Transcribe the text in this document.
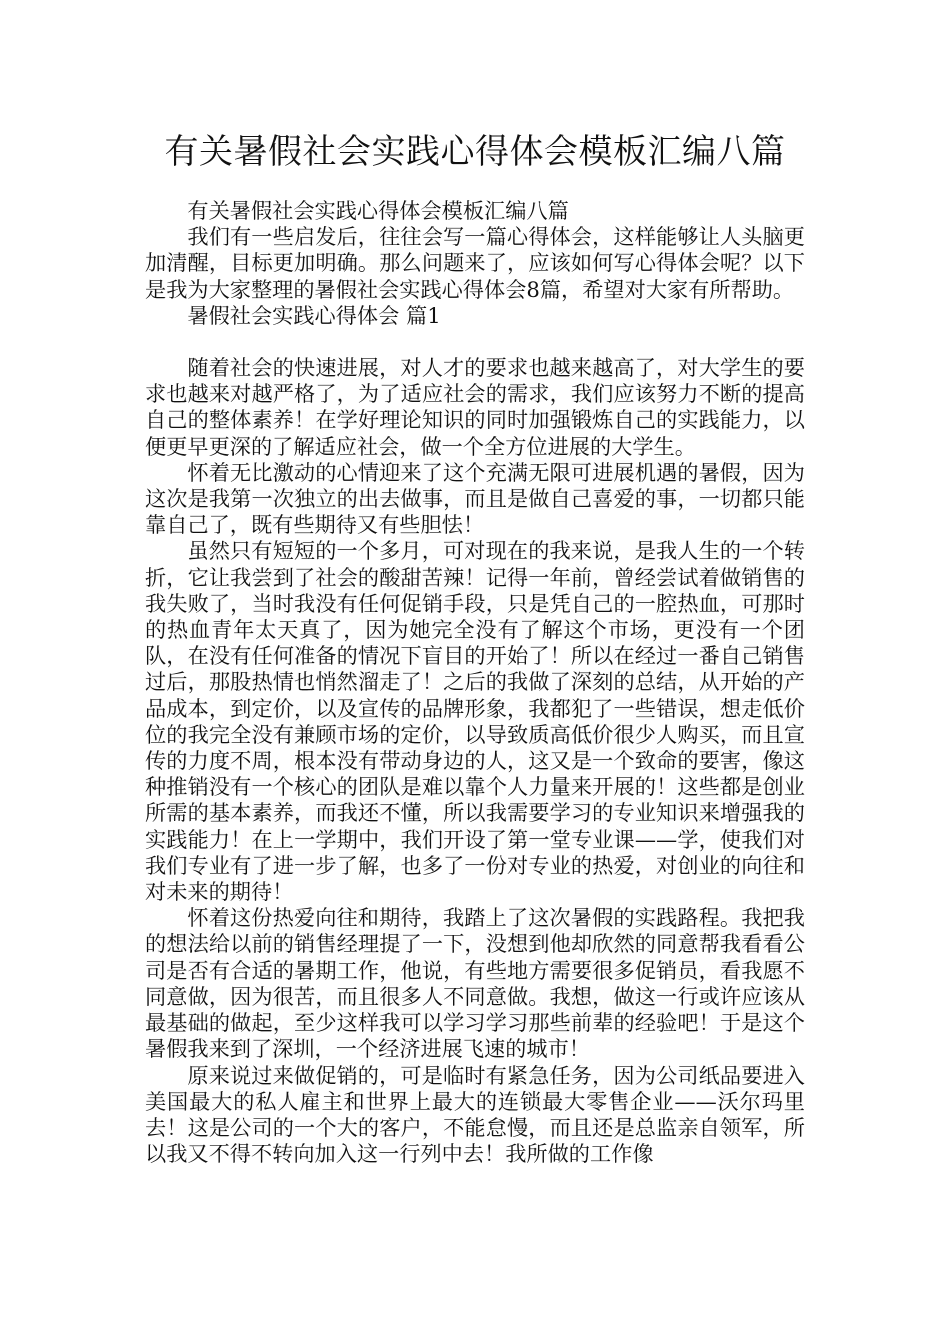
有关暑假社会实践心得体会模板汇编八篇

有关暑假社会实践心得体会模板汇编八篇

我们有一些启发后，往往会写一篇心得体会，这样能够让人头脑更加清醒，目标更加明确。那么问题来了，应该如何写心得体会呢？以下是我为大家整理的暑假社会实践心得体会8篇，希望对大家有所帮助。

暑假社会实践心得体会 篇1

随着社会的快速进展，对人才的要求也越来越高了，对大学生的要求也越来对越严格了，为了适应社会的需求，我们应该努力不断的提高自己的整体素养！在学好理论知识的同时加强锻炼自己的实践能力，以便更早更深的了解适应社会，做一个全方位进展的大学生。

怀着无比激动的心情迎来了这个充满无限可进展机遇的暑假，因为这次是我第一次独立的出去做事，而且是做自己喜爱的事，一切都只能靠自己了，既有些期待又有些胆怯！

虽然只有短短的一个多月，可对现在的我来说，是我人生的一个转折，它让我尝到了社会的酸甜苦辣！记得一年前，曾经尝试着做销售的我失败了，当时我没有任何促销手段，只是凭自己的一腔热血，可那时的热血青年太天真了，因为她完全没有了解这个市场，更没有一个团队，在没有任何准备的情况下盲目的开始了！所以在经过一番自己销售过后，那股热情也悄然溜走了！之后的我做了深刻的总结，从开始的产品成本，到定价，以及宣传的品牌形象，我都犯了一些错误，想走低价位的我完全没有兼顾市场的定价，以导致质高低价很少人购买，而且宣传的力度不周，根本没有带动身边的人，这又是一个致命的要害，像这种推销没有一个核心的团队是难以靠个人力量来开展的！这些都是创业所需的基本素养，而我还不懂，所以我需要学习的专业知识来增强我的实践能力！在上一学期中，我们开设了第一堂专业课——学，使我们对我们专业有了进一步了解，也多了一份对专业的热爱，对创业的向往和对未来的期待！

怀着这份热爱向往和期待，我踏上了这次暑假的实践路程。我把我的想法给以前的销售经理提了一下，没想到他却欣然的同意帮我看看公司是否有合适的暑期工作，他说，有些地方需要很多促销员，看我愿不同意做，因为很苦，而且很多人不同意做。我想，做这一行或许应该从最基础的做起，至少这样我可以学习学习那些前辈的经验吧！于是这个暑假我来到了深圳，一个经济进展飞速的城市！

原来说过来做促销的，可是临时有紧急任务，因为公司纸品要进入美国最大的私人雇主和世界上最大的连锁最大零售企业——沃尔玛里去！这是公司的一个大的客户，不能怠慢，而且还是总监亲自领军，所以我又不得不转向加入这一行列中去！我所做的工作像
